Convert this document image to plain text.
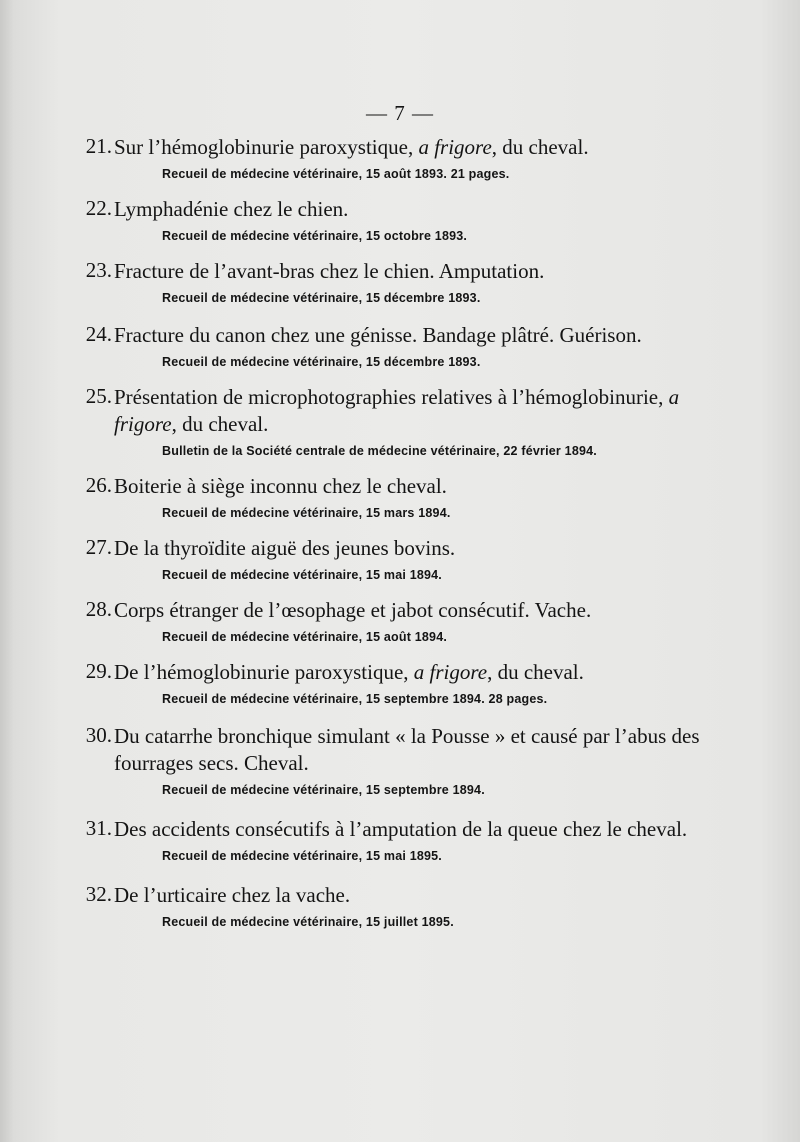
— 7 —
21. Sur l’hémoglobinurie paroxystique, a frigore, du cheval.
Recueil de médecine vétérinaire, 15 août 1893. 21 pages.
22. Lymphadénie chez le chien.
Recueil de médecine vétérinaire, 15 octobre 1893.
23. Fracture de l’avant-bras chez le chien. Amputation.
Recueil de médecine vétérinaire, 15 décembre 1893.
24. Fracture du canon chez une génisse. Bandage plâtré. Guérison.
Recueil de médecine vétérinaire, 15 décembre 1893.
25. Présentation de microphotographies relatives à l’hémoglobinurie, a frigore, du cheval.
Bulletin de la Société centrale de médecine vétérinaire, 22 février 1894.
26. Boiterie à siège inconnu chez le cheval.
Recueil de médecine vétérinaire, 15 mars 1894.
27. De la thyroïdite aiguë des jeunes bovins.
Recueil de médecine vétérinaire, 15 mai 1894.
28. Corps étranger de l’œsophage et jabot consécutif. Vache.
Recueil de médecine vétérinaire, 15 août 1894.
29. De l’hémoglobinurie paroxystique, a frigore, du cheval.
Recueil de médecine vétérinaire, 15 septembre 1894. 28 pages.
30. Du catarrhe bronchique simulant « la Pousse » et causé par l’abus des fourrages secs. Cheval.
Recueil de médecine vétérinaire, 15 septembre 1894.
31. Des accidents consécutifs à l’amputation de la queue chez le cheval.
Recueil de médecine vétérinaire, 15 mai 1895.
32. De l’urticaire chez la vache.
Recueil de médecine vétérinaire, 15 juillet 1895.
